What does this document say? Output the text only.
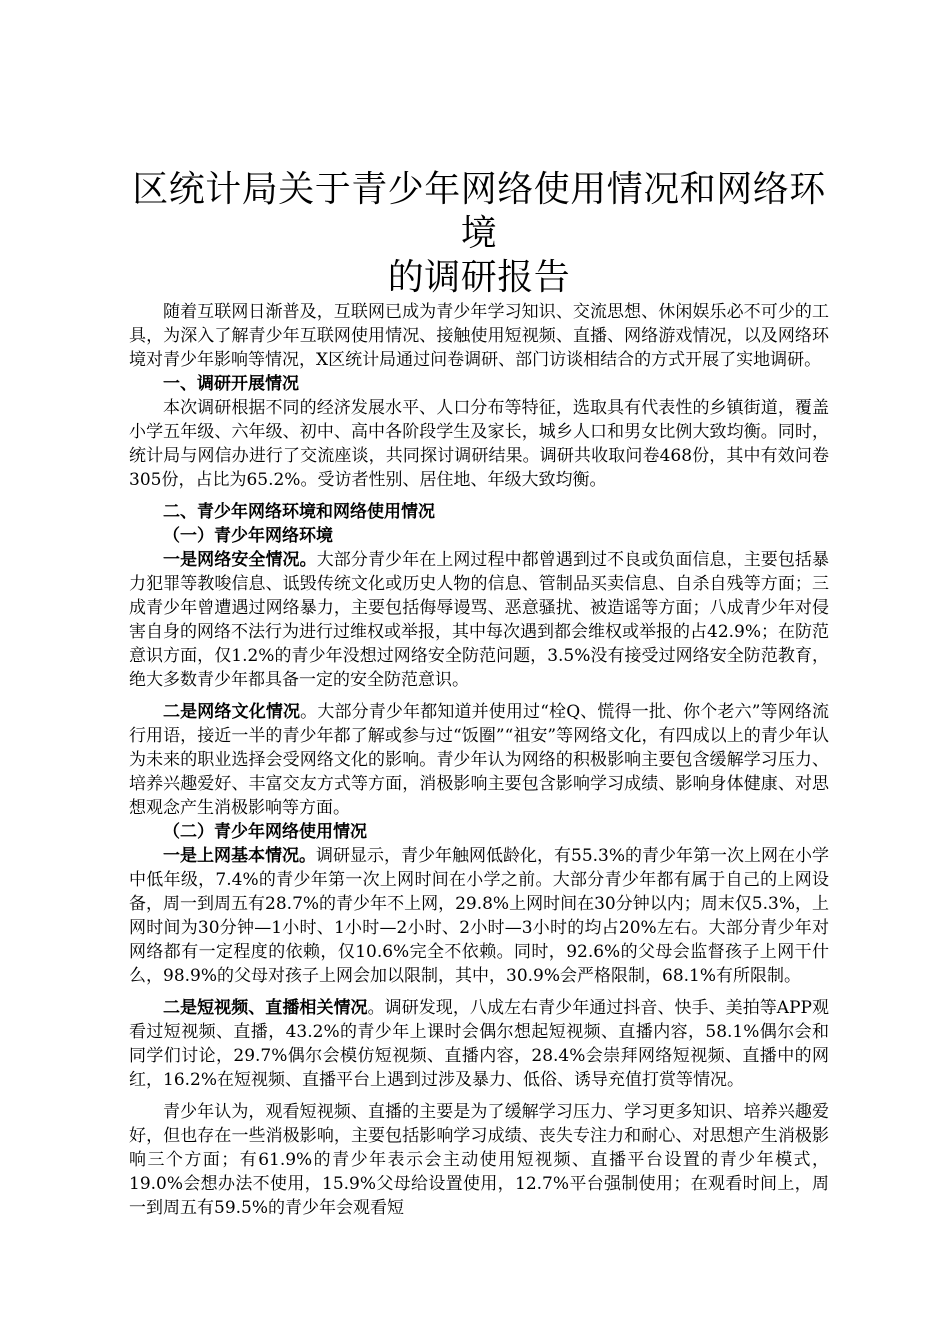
区统计局关于青少年网络使用情况和网络环境
的调研报告

随着互联网日渐普及，互联网已成为青少年学习知识、交流思想、休闲娱乐必不可少的工具，为深入了解青少年互联网使用情况、接触使用短视频、直播、网络游戏情况，以及网络环境对青少年影响等情况，X区统计局通过问卷调研、部门访谈相结合的方式开展了实地调研。

一、调研开展情况

本次调研根据不同的经济发展水平、人口分布等特征，选取具有代表性的乡镇街道，覆盖小学五年级、六年级、初中、高中各阶段学生及家长，城乡人口和男女比例大致均衡。同时，统计局与网信办进行了交流座谈，共同探讨调研结果。调研共收取问卷468份，其中有效问卷305份，占比为65.2%。受访者性别、居住地、年级大致均衡。

二、青少年网络环境和网络使用情况
（一）青少年网络环境

一是网络安全情况。大部分青少年在上网过程中都曾遇到过不良或负面信息，主要包括暴力犯罪等教唆信息、诋毁传统文化或历史人物的信息、管制品买卖信息、自杀自残等方面；三成青少年曾遭遇过网络暴力，主要包括侮辱谩骂、恶意骚扰、被造谣等方面；八成青少年对侵害自身的网络不法行为进行过维权或举报，其中每次遇到都会维权或举报的占42.9%；在防范意识方面，仅1.2%的青少年没想过网络安全防范问题，3.5%没有接受过网络安全防范教育，绝大多数青少年都具备一定的安全防范意识。

二是网络文化情况。大部分青少年都知道并使用过“栓Q、慌得一批、你个老六”等网络流行用语，接近一半的青少年都了解或参与过“饭圈”“祖安”等网络文化，有四成以上的青少年认为未来的职业选择会受网络文化的影响。青少年认为网络的积极影响主要包含缓解学习压力、培养兴趣爱好、丰富交友方式等方面，消极影响主要包含影响学习成绩、影响身体健康、对思想观念产生消极影响等方面。

（二）青少年网络使用情况

一是上网基本情况。调研显示，青少年触网低龄化，有55.3%的青少年第一次上网在小学中低年级，7.4%的青少年第一次上网时间在小学之前。大部分青少年都有属于自己的上网设备，周一到周五有28.7%的青少年不上网，29.8%上网时间在30分钟以内；周末仅5.3%，上网时间为30分钟—1小时、1小时—2小时、2小时—3小时的均占20%左右。大部分青少年对网络都有一定程度的依赖，仅10.6%完全不依赖。同时，92.6%的父母会监督孩子上网干什么，98.9%的父母对孩子上网会加以限制，其中，30.9%会严格限制，68.1%有所限制。

二是短视频、直播相关情况。调研发现，八成左右青少年通过抖音、快手、美拍等APP观看过短视频、直播，43.2%的青少年上课时会偶尔想起短视频、直播内容，58.1%偶尔会和同学们讨论，29.7%偶尔会模仿短视频、直播内容，28.4%会崇拜网络短视频、直播中的网红，16.2%在短视频、直播平台上遇到过涉及暴力、低俗、诱导充值打赏等情况。

青少年认为，观看短视频、直播的主要是为了缓解学习压力、学习更多知识、培养兴趣爱好，但也存在一些消极影响，主要包括影响学习成绩、丧失专注力和耐心、对思想产生消极影响三个方面；有61.9%的青少年表示会主动使用短视频、直播平台设置的青少年模式，19.0%会想办法不使用，15.9%父母给设置使用，12.7%平台强制使用；在观看时间上，周一到周五有59.5%的青少年会观看短
